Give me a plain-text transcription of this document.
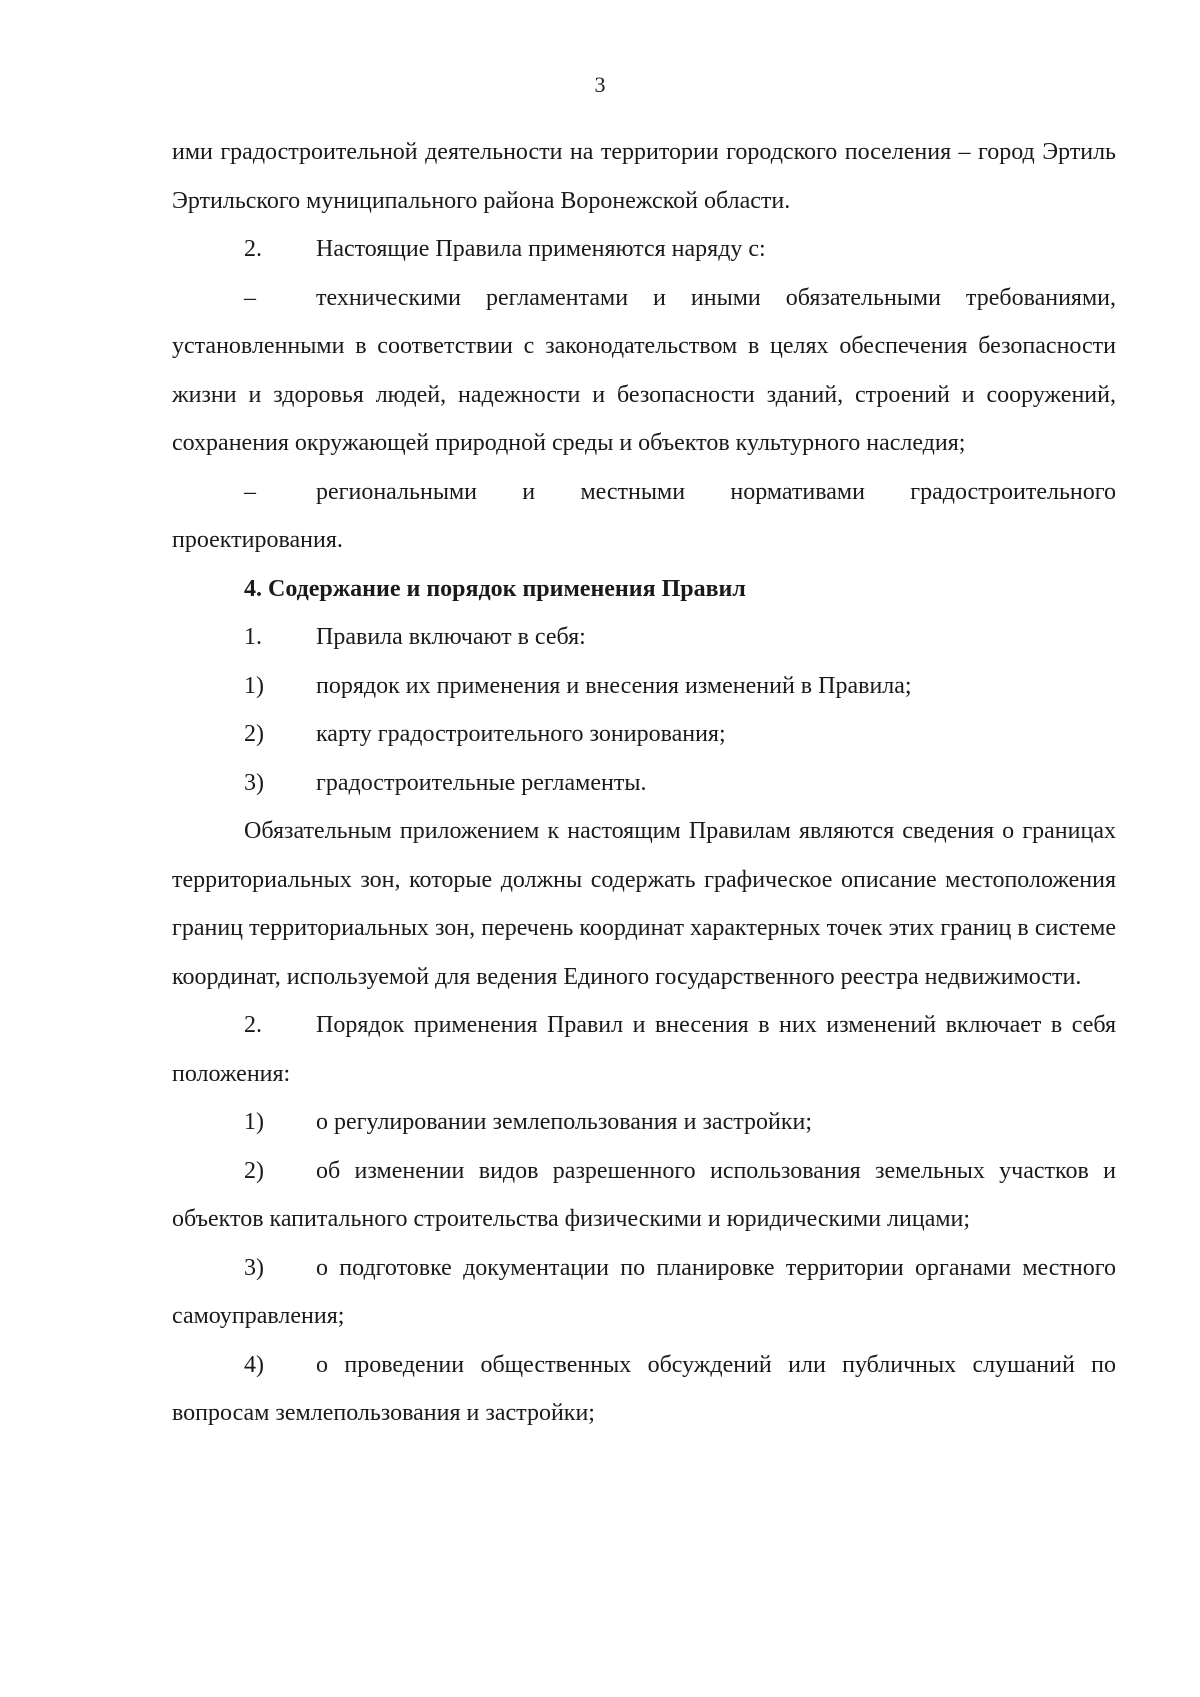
3

ими градостроительной деятельности на территории городского поселения – город Эртиль Эртильского муниципального района Воронежской области.

2.	Настоящие Правила применяются наряду с:

–	техническими регламентами и иными обязательными требованиями, установленными в соответствии с законодательством в целях обеспечения безопасности жизни и здоровья людей, надежности и безопасности зданий, строений и сооружений, сохранения окружающей природной среды и объектов культурного наследия;

–	региональными и местными нормативами градостроительного проектирования.

4. Содержание и порядок применения Правил

1.	Правила включают в себя:
1)	порядок их применения и внесения изменений в Правила;
2)	карту градостроительного зонирования;
3)	градостроительные регламенты.

Обязательным приложением к настоящим Правилам являются сведения о границах территориальных зон, которые должны содержать графическое описание местоположения границ территориальных зон, перечень координат характерных точек этих границ в системе координат, используемой для ведения Единого государственного реестра недвижимости.

2. Порядок применения Правил и внесения в них изменений включает в себя положения:

1)	о регулировании землепользования и застройки;

2) об изменении видов разрешенного использования земельных участков и объектов капитального строительства физическими и юридическими лицами;

3) о подготовке документации по планировке территории органами местного самоуправления;

4) о проведении общественных обсуждений или публичных слушаний по вопросам землепользования и застройки;
